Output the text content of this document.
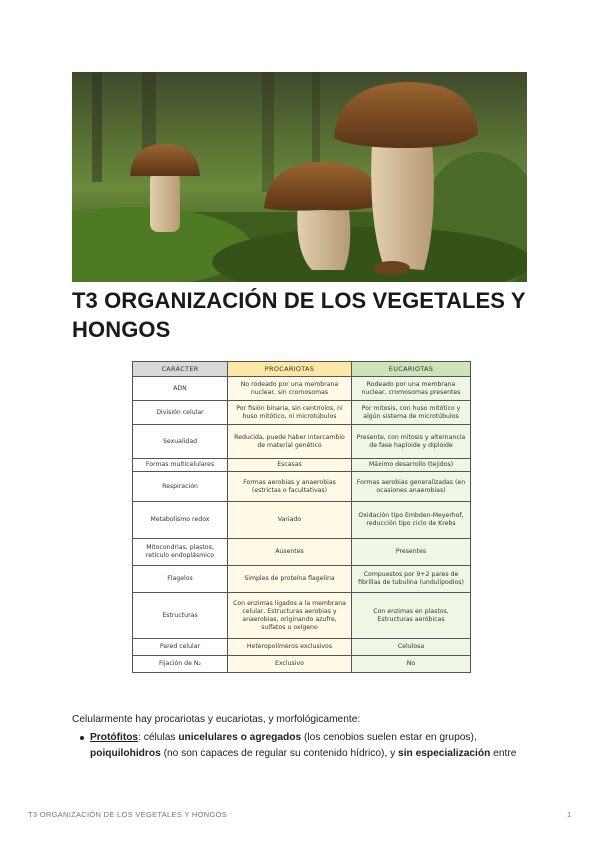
T3 ORGANIZACIÓN DE LOS VEGETALES Y HONGOS
CARÁCTER	PROCARIOTAS	EUCARIOTAS
ADN	No rodeado por una membrana nuclear, sin cromosomas	Rodeado por una membrana nuclear, cromosomas presentes
División celular	Por fisión binaria, sin centríolos, ni huso mitótico, ni microtúbulos	Por mitosis, con huso mitótico y algún sistema de microtúbulos
Sexualidad	Reducida, puede haber intercambio de material genético	Presente, con mitosis y alternancia de fase haploide y diploide
Formas multicelulares	Escasas	Máximo desarrollo (tejidos)
Respiración	Formas aerobias y anaerobias (estrictas o facultativas)	Formas aerobias generalizadas (en ocasiones anaerobias)
Metabolismo redox	Variado	Oxidación tipo Embden-Meyerhof, reducción tipo ciclo de Krebs
Mitocondrias, plastos, retículo endoplásmico	Ausentes	Presentes
Flagelos	Simples de proteína flagelina	Compuestos por 9+2 pares de fibrillas de tubulina (undulipodios)
Estructuras	Con enzimas ligados a la membrana celular, Estructuras aerobias y anaerobias, originando azufre, sulfatos u oxígeno	Con enzimas en plastos, Estructuras aeróbicas
Pared celular	Heteropolímeros exclusivos	Celulosa
Fijación de N₂	Exclusivo	No

Celularmente hay procariotas y eucariotas, y morfológicamente:

Protófitos: células unicelulares o agregados (los cenobios suelen estar en grupos), poiquilohidros (no son capaces de regular su contenido hídrico), y sin especialización entre
T3 ORGANIZACIÓN DE LOS VEGETALES Y HONGOS	1
